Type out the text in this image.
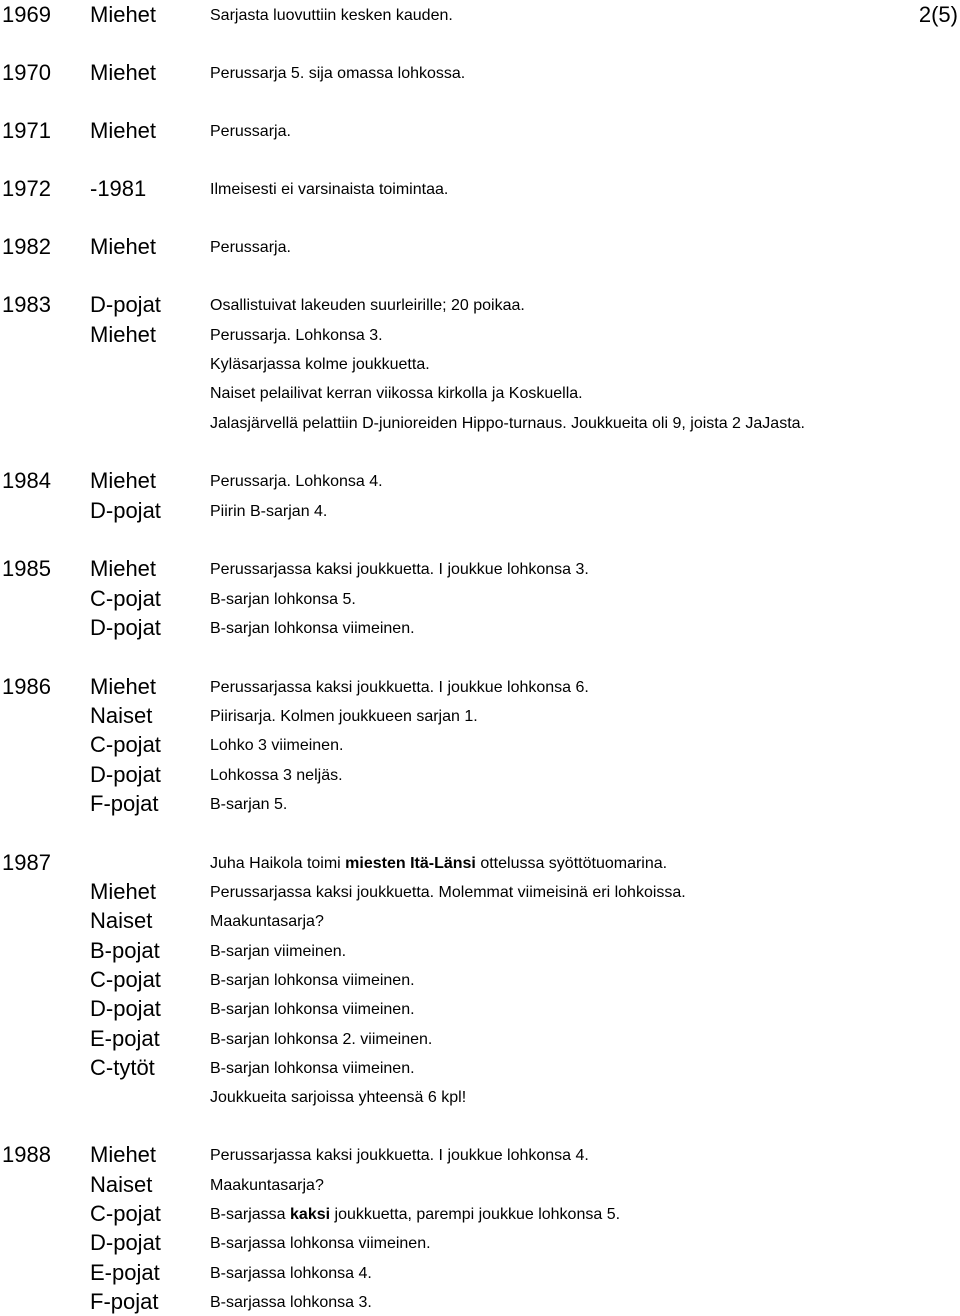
2(5)
1969 Miehet	Sarjasta luovuttiin kesken kauden.
1970 Miehet	Perussarja 5. sija omassa lohkossa.
1971 Miehet	Perussarja.
1972 -1981	Ilmeisesti ei varsinaista toimintaa.
1982 Miehet	Perussarja.
1983 D-pojat	Osallistuivat lakeuden suurleirille; 20 poikaa.
Miehet	Perussarja. Lohkonsa 3.
Kyläsarjassa kolme joukkuetta.
Naiset pelailivat kerran viikossa kirkolla ja Koskuella.
Jalasjärvellä pelattiin D-junioreiden Hippo-turnaus. Joukkueita oli 9, joista 2 JaJasta.
1984 Miehet	Perussarja. Lohkonsa 4.
D-pojat	Piirin B-sarjan 4.
1985 Miehet	Perussarjassa kaksi joukkuetta. I joukkue lohkonsa 3.
C-pojat	B-sarjan lohkonsa 5.
D-pojat	B-sarjan lohkonsa viimeinen.
1986 Miehet	Perussarjassa kaksi joukkuetta. I joukkue lohkonsa 6.
Naiset	Piirisarja. Kolmen joukkueen sarjan 1.
C-pojat	Lohko 3 viimeinen.
D-pojat	Lohkossa 3 neljäs.
F-pojat	B-sarjan 5.
1987	Juha Haikola toimi miesten Itä-Länsi ottelussa syöttötuomarina.
Miehet	Perussarjassa kaksi joukkuetta. Molemmat viimeisinä eri lohkoissa.
Naiset	Maakuntasarja?
B-pojat	B-sarjan viimeinen.
C-pojat	B-sarjan lohkonsa viimeinen.
D-pojat	B-sarjan lohkonsa viimeinen.
E-pojat	B-sarjan lohkonsa 2. viimeinen.
C-tytöt	B-sarjan lohkonsa viimeinen.
Joukkueita sarjoissa yhteensä 6 kpl!
1988 Miehet	Perussarjassa kaksi joukkuetta. I joukkue lohkonsa 4.
Naiset	Maakuntasarja?
C-pojat	B-sarjassa kaksi joukkuetta, parempi joukkue lohkonsa 5.
D-pojat	B-sarjassa lohkonsa viimeinen.
E-pojat	B-sarjassa lohkonsa 4.
F-pojat	B-sarjassa lohkonsa 3.
